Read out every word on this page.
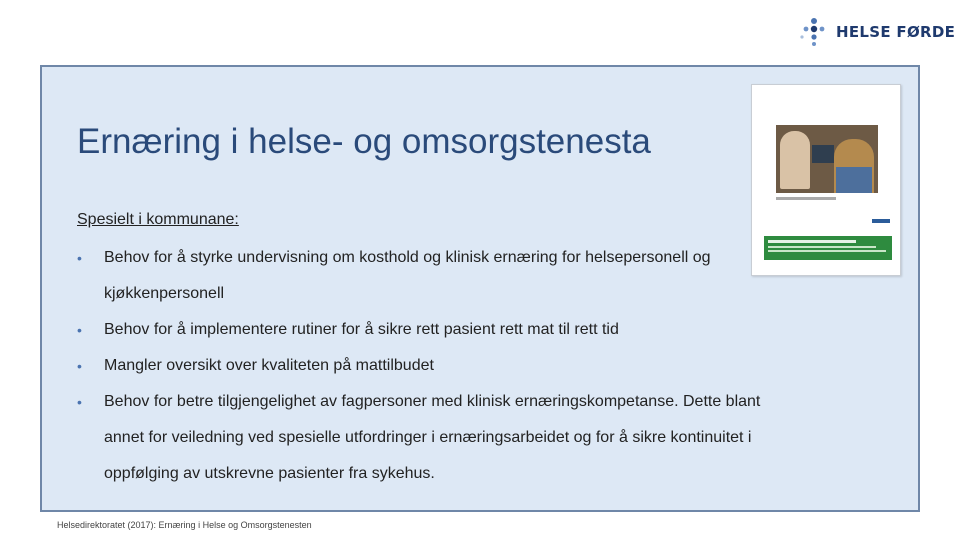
HELSE FØRDE
Ernæring i helse- og omsorgstenesta
Spesielt i kommunane:
• Behov for å styrke undervisning om kosthold og klinisk ernæring for helsepersonell og kjøkkenpersonell
• Behov for å implementere rutiner for å sikre rett pasient rett mat til rett tid
• Mangler oversikt over kvaliteten på mattilbudet
• Behov for betre tilgjengelighet av fagpersoner med klinisk ernæringskompetanse. Dette blant annet for veiledning ved spesielle utfordringer i ernæringsarbeidet og for å sikre kontinuitet i oppfølging av utskrevne pasienter fra sykehus.
Helsedirektoratet (2017): Ernæring i Helse og Omsorgstenesten
